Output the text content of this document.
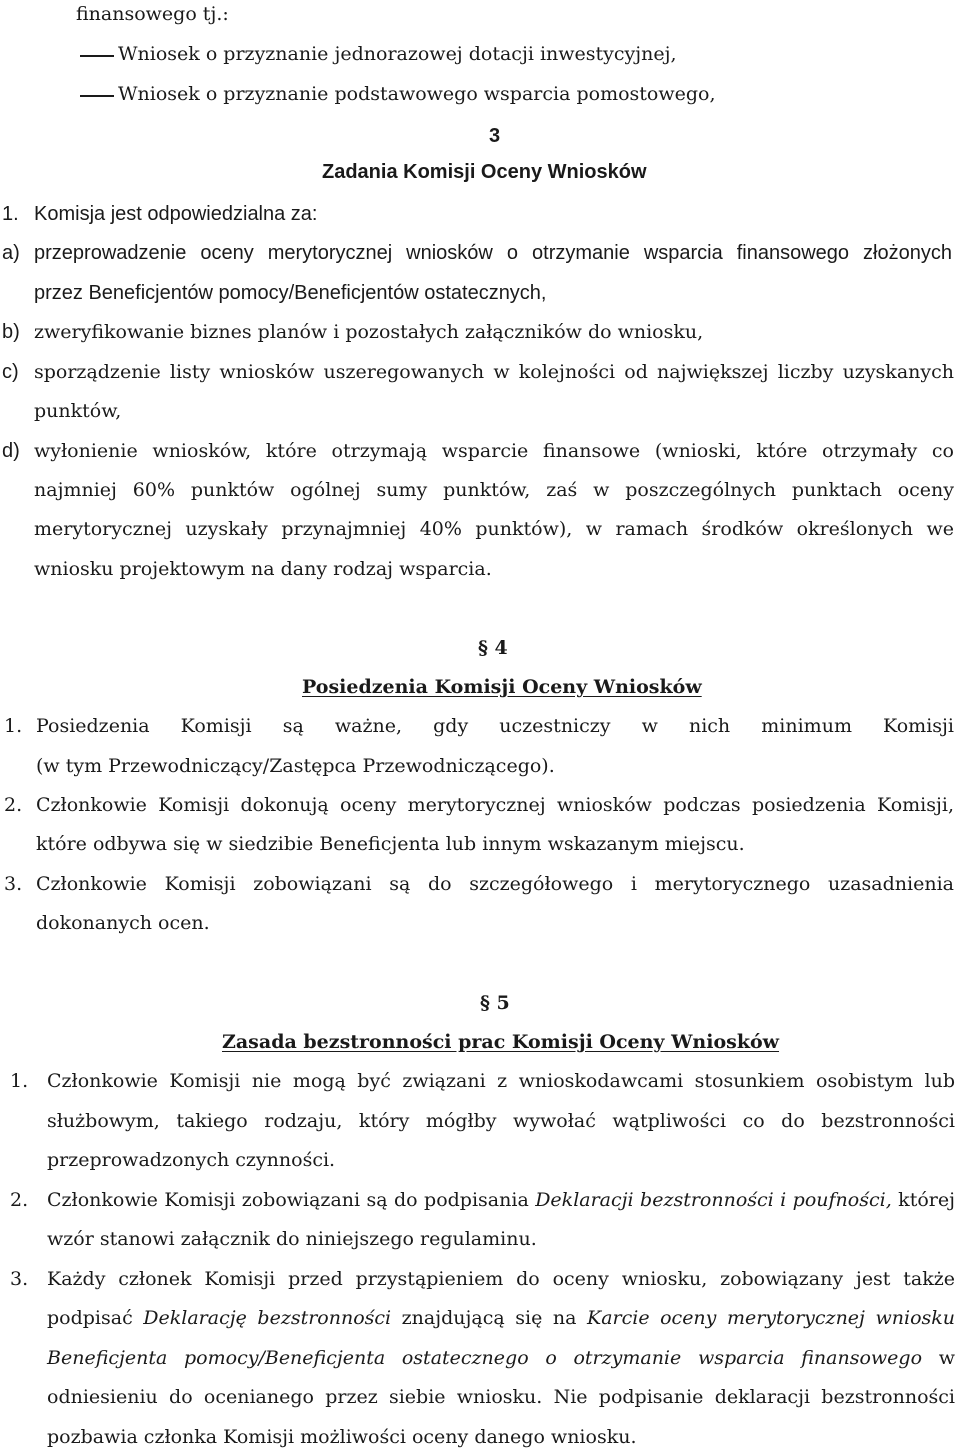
finansowego tj.:
Wniosek o przyznanie jednorazowej dotacji inwestycyjnej,
Wniosek o przyznanie podstawowego wsparcia pomostowego,
3
Zadania Komisji Oceny Wniosków
1. Komisja jest odpowiedzialna za:
a) przeprowadzenie oceny merytorycznej wniosków o otrzymanie wsparcia finansowego złożonych
przez Beneficjentów pomocy/Beneficjentów ostatecznych,
b) zweryfikowanie biznes planów i pozostałych załączników do wniosku,
c) sporządzenie listy wniosków uszeregowanych w kolejności od największej liczby uzyskanych
punktów,
d) wyłonienie wniosków, które otrzymają wsparcie finansowe (wnioski, które otrzymały co
najmniej 60% punktów ogólnej sumy punktów, zaś w poszczególnych punktach oceny
merytorycznej uzyskały przynajmniej 40% punktów), w ramach środków określonych we
wniosku projektowym na dany rodzaj wsparcia.
§ 4
Posiedzenia Komisji Oceny Wniosków
1. Posiedzenia Komisji są ważne, gdy uczestniczy w nich minimum Komisji
(w tym Przewodniczący/Zastępca Przewodniczącego).
2. Członkowie Komisji dokonują oceny merytorycznej wniosków podczas posiedzenia Komisji,
które odbywa się w siedzibie Beneficjenta lub innym wskazanym miejscu.
3. Członkowie Komisji zobowiązani są do szczegółowego i merytorycznego uzasadnienia
dokonanych ocen.
§ 5
Zasada bezstronności prac Komisji Oceny Wniosków
1. Członkowie Komisji nie mogą być związani z wnioskodawcami stosunkiem osobistym lub
służbowym, takiego rodzaju, który mógłby wywołać wątpliwości co do bezstronności
przeprowadzonych czynności.
2. Członkowie Komisji zobowiązani są do podpisania Deklaracji bezstronności i poufności, której
wzór stanowi załącznik do niniejszego regulaminu.
3. Każdy członek Komisji przed przystąpieniem do oceny wniosku, zobowiązany jest także
podpisać Deklarację bezstronności znajdującą się na Karcie oceny merytorycznej wniosku
Beneficjenta pomocy/Beneficjenta ostatecznego o otrzymanie wsparcia finansowego w
odniesieniu do ocenianego przez siebie wniosku. Nie podpisanie deklaracji bezstronności
pozbawia członka Komisji możliwości oceny danego wniosku.
